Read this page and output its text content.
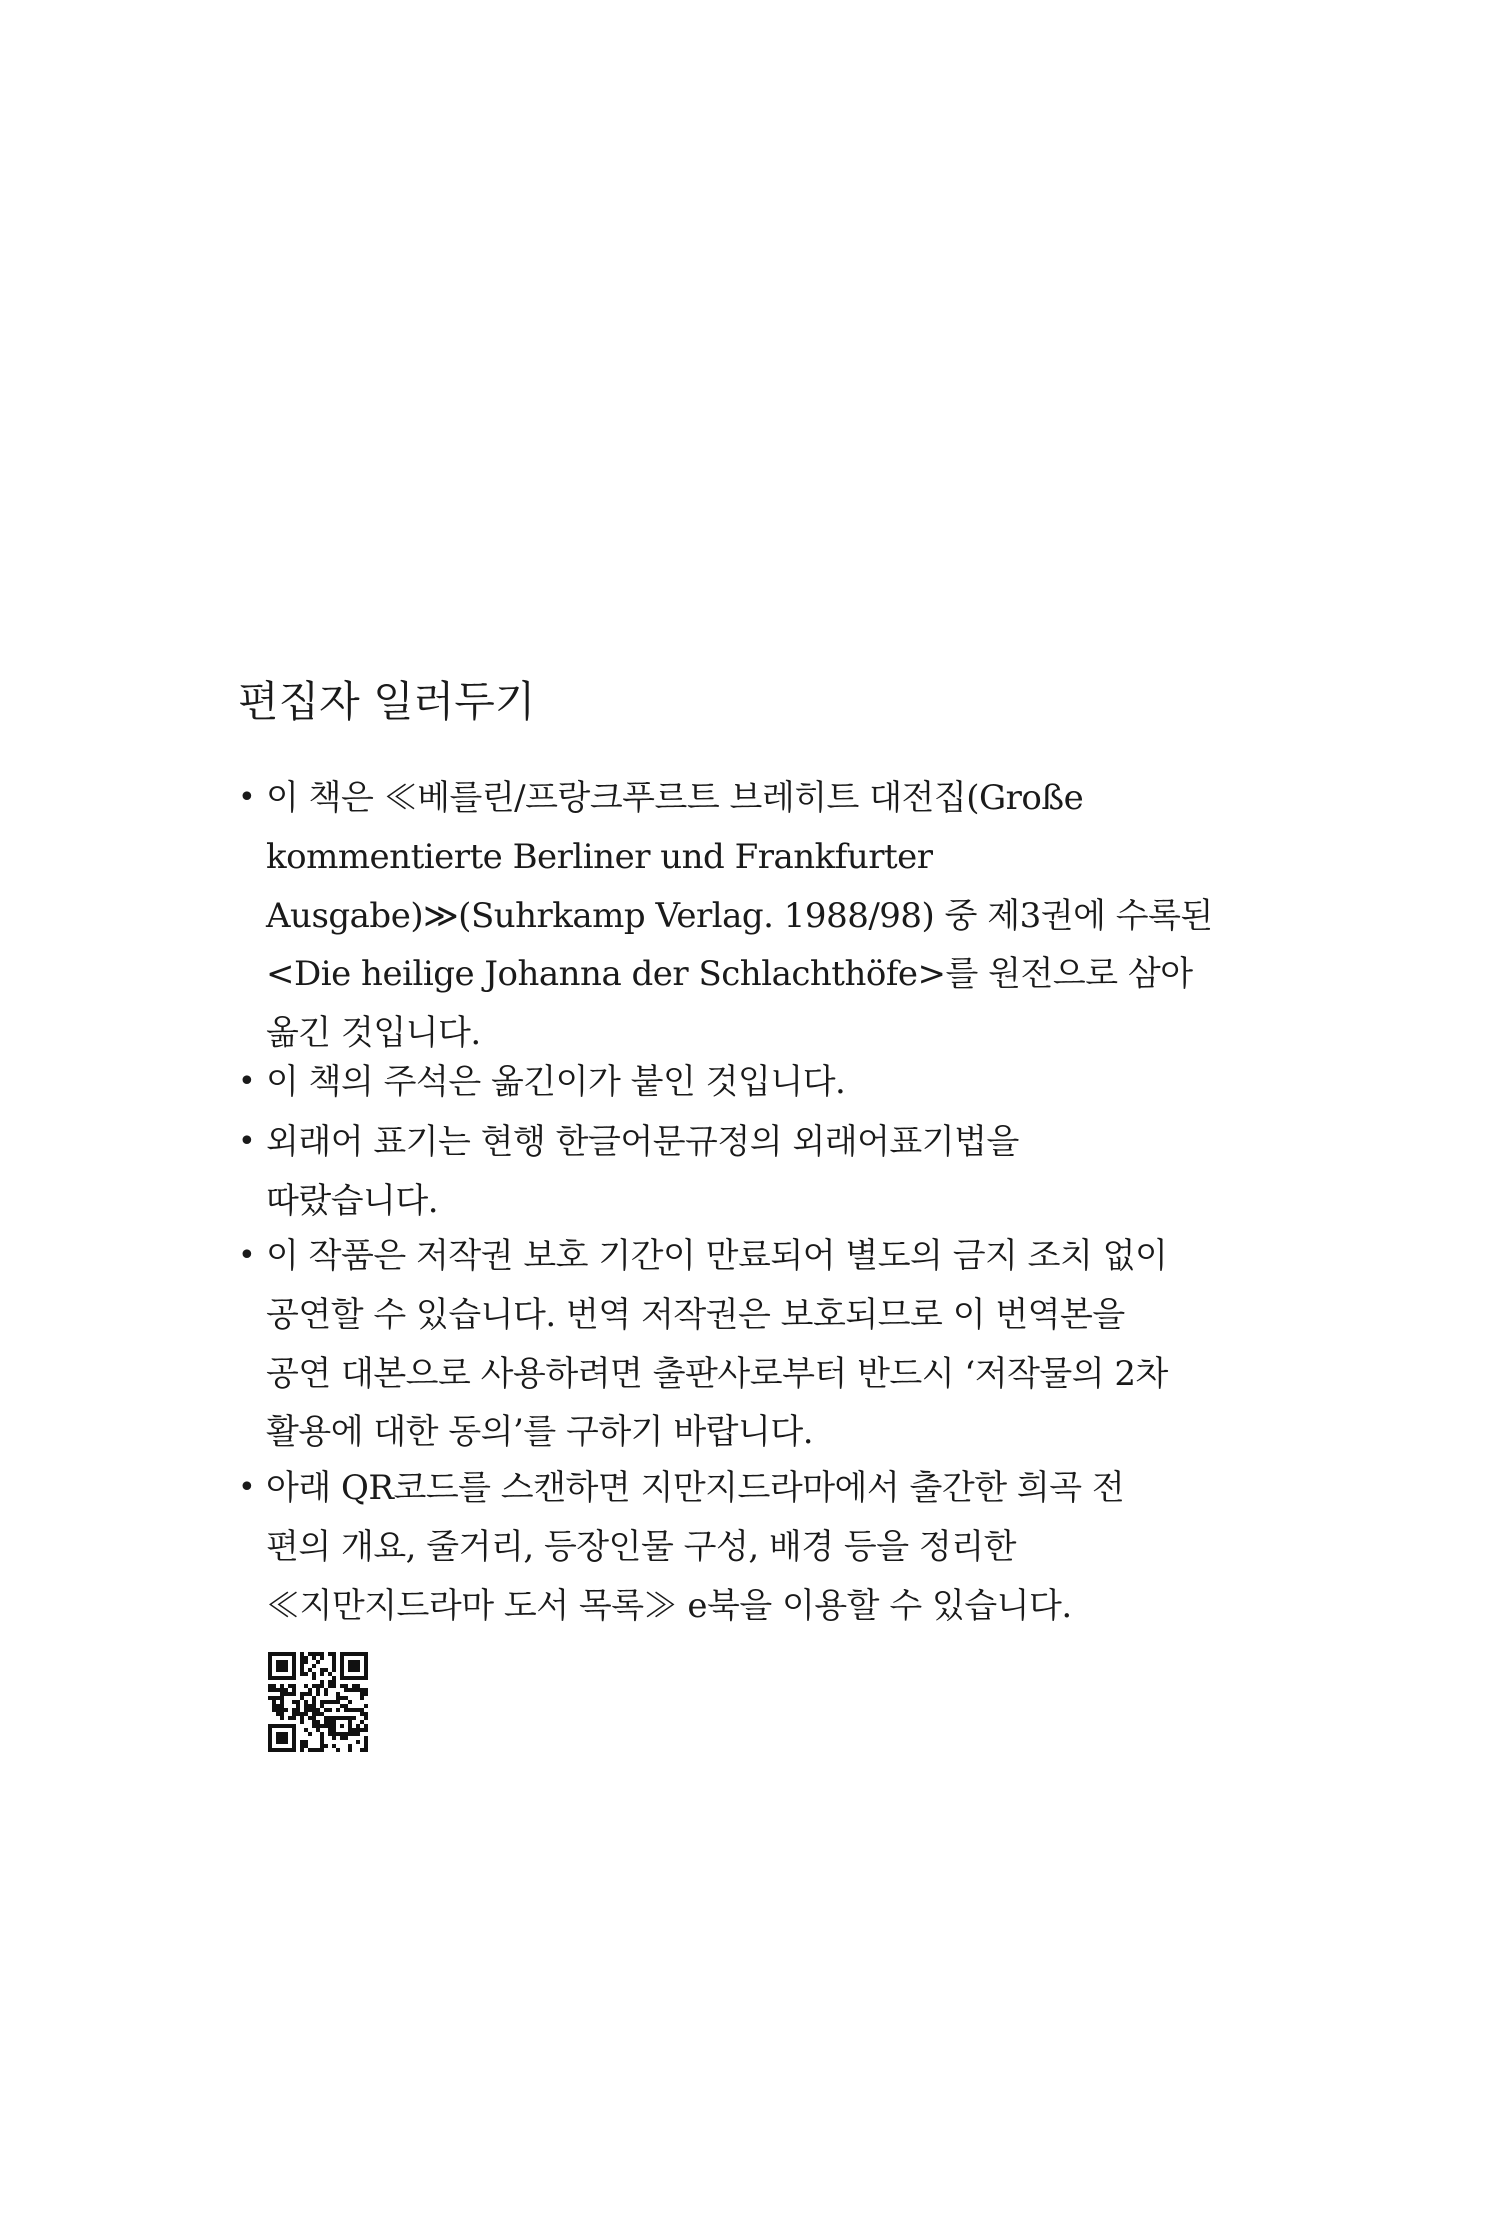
편집자 일러두기
• 이 책은 ≪베를린/프랑크푸르트 브레히트 대전집(Große
kommentierte Berliner und Frankfurter
Ausgabe)≫(Suhrkamp Verlag. 1988/98) 중 제3권에 수록된
<Die heilige Johanna der Schlachthöfe>를 원전으로 삼아
옮긴 것입니다.
• 이 책의 주석은 옮긴이가 붙인 것입니다.
• 외래어 표기는 현행 한글어문규정의 외래어표기법을
따랐습니다.
• 이 작품은 저작권 보호 기간이 만료되어 별도의 금지 조치 없이
공연할 수 있습니다. 번역 저작권은 보호되므로 이 번역본을
공연 대본으로 사용하려면 출판사로부터 반드시 ‘저작물의 2차
활용에 대한 동의’를 구하기 바랍니다.
• 아래 QR코드를 스캔하면 지만지드라마에서 출간한 희곡 전
편의 개요, 줄거리, 등장인물 구성, 배경 등을 정리한
≪지만지드라마 도서 목록≫ e북을 이용할 수 있습니다.
